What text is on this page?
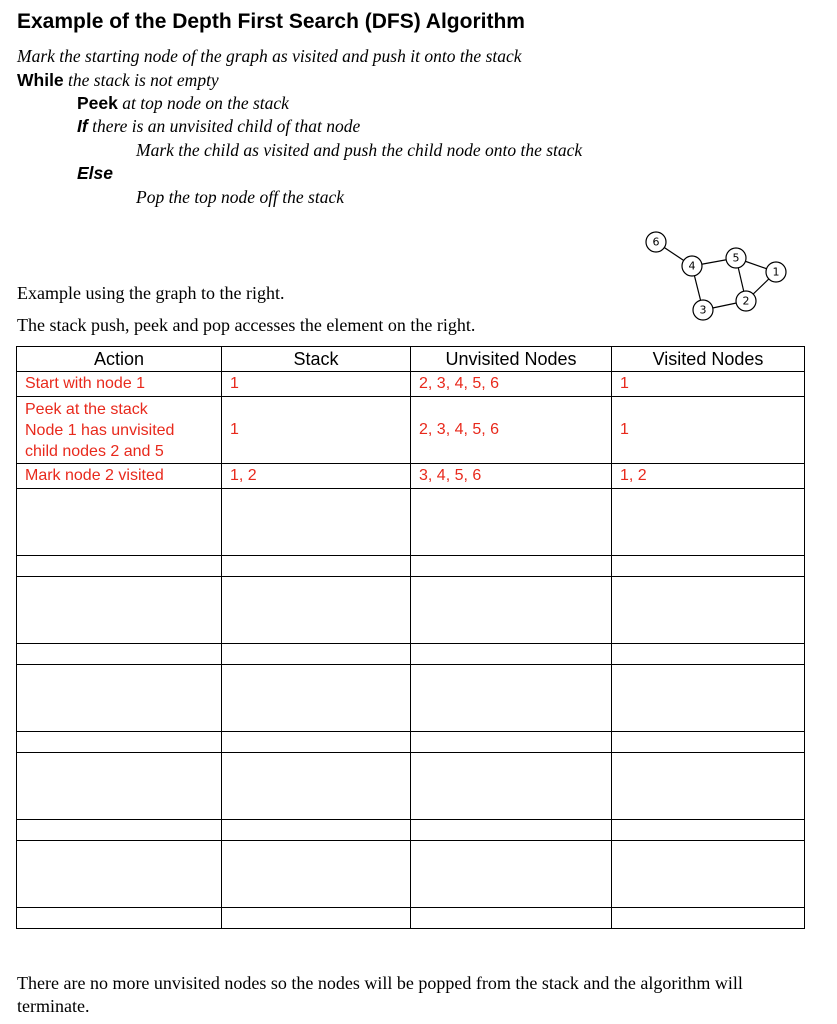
Example of the Depth First Search (DFS) Algorithm
Mark the starting node of the graph as visited and push it onto the stack
While the stack is not empty
Peek at top node on the stack
If there is an unvisited child of that node
Mark the child as visited and push the child node onto the stack
Else
Pop the top node off the stack
Example using the graph to the right.
The stack push, peek and pop accesses the element on the right.
6
4
5
1
3
2
Action	Stack	Unvisited Nodes	Visited Nodes
Start with node 1	1	2, 3, 4, 5, 6	1

Peek at the stack
Node 1 has unvisited
child nodes 2 and 5	1	2, 3, 4, 5, 6	1
Mark node 2 visited	1, 2	3, 4, 5, 6	1, 2

There are no more unvisited nodes so the nodes will be popped from the stack and the algorithm will terminate.
